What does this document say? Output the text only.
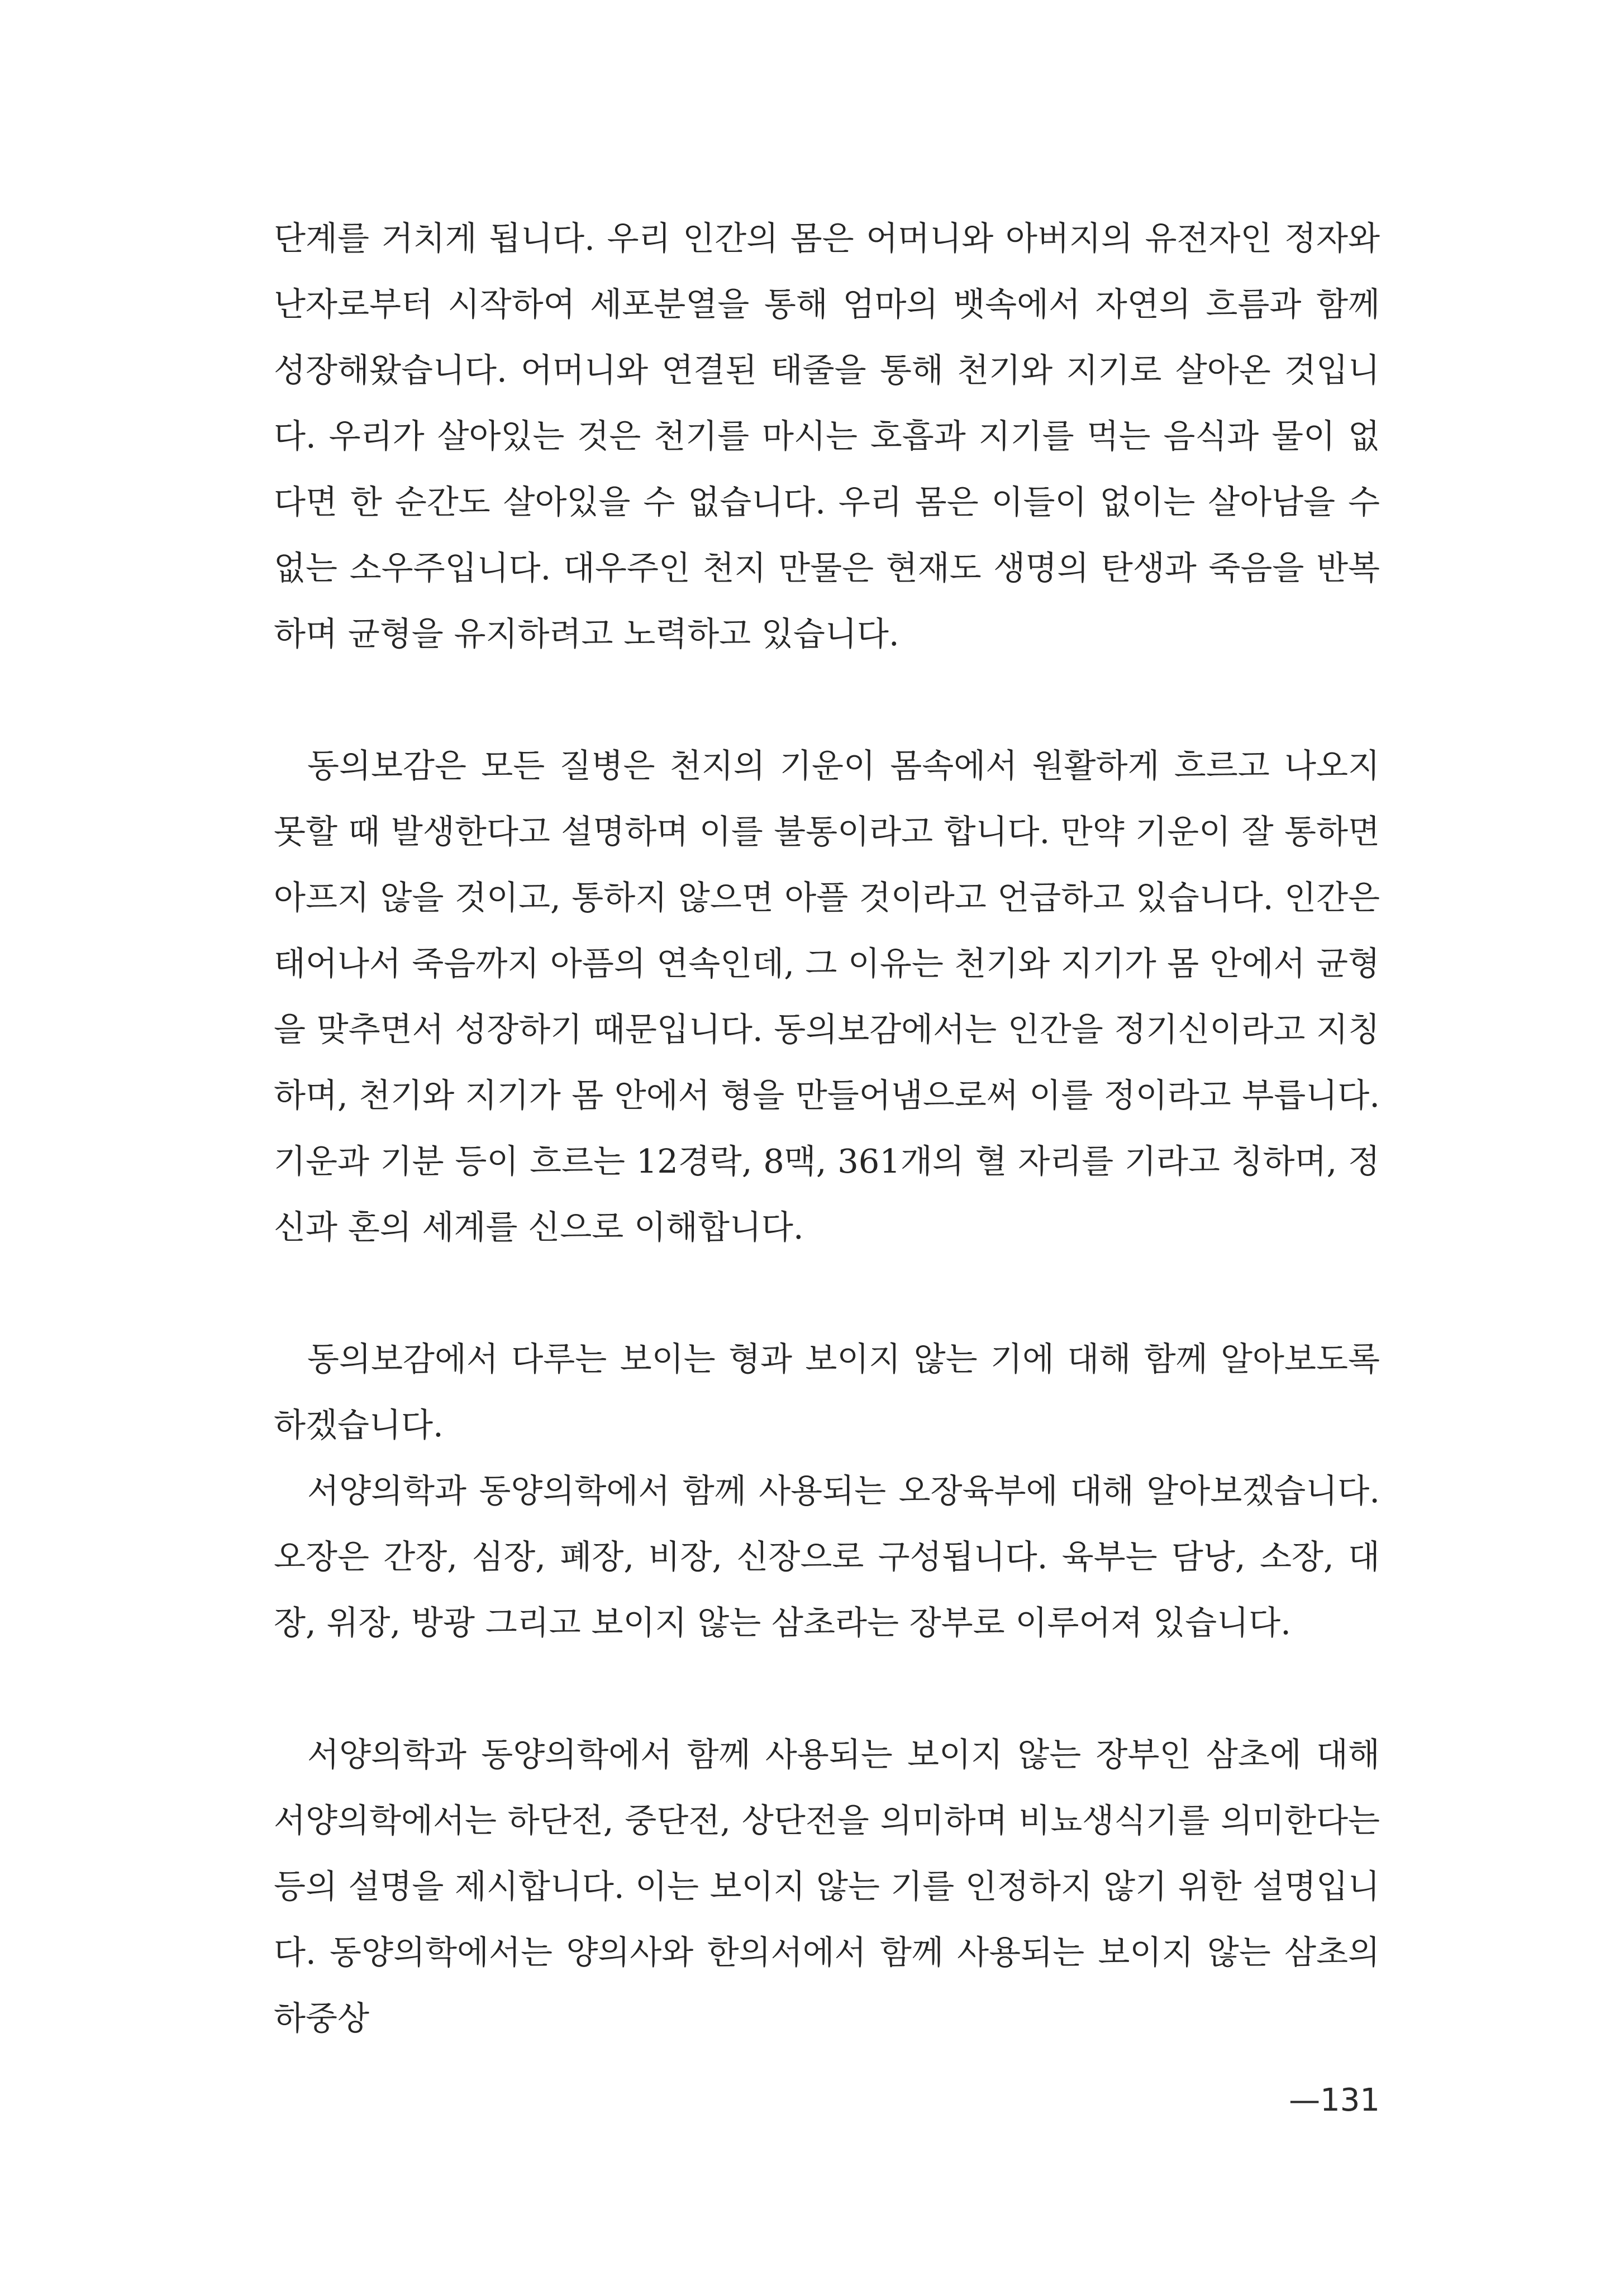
단계를 거치게 됩니다. 우리 인간의 몸은 어머니와 아버지의 유전자인 정자와 난자로부터 시작하여 세포분열을 통해 엄마의 뱃속에서 자연의 흐름과 함께 성장해왔습니다. 어머니와 연결된 태줄을 통해 천기와 지기로 살아온 것입니다. 우리가 살아있는 것은 천기를 마시는 호흡과 지기를 먹는 음식과 물이 없다면 한 순간도 살아있을 수 없습니다. 우리 몸은 이들이 없이는 살아남을 수 없는 소우주입니다. 대우주인 천지 만물은 현재도 생명의 탄생과 죽음을 반복하며 균형을 유지하려고 노력하고 있습니다.

동의보감은 모든 질병은 천지의 기운이 몸속에서 원활하게 흐르고 나오지 못할 때 발생한다고 설명하며 이를 불통이라고 합니다. 만약 기운이 잘 통하면 아프지 않을 것이고, 통하지 않으면 아플 것이라고 언급하고 있습니다. 인간은 태어나서 죽음까지 아픔의 연속인데, 그 이유는 천기와 지기가 몸 안에서 균형을 맞추면서 성장하기 때문입니다. 동의보감에서는 인간을 정기신이라고 지칭하며, 천기와 지기가 몸 안에서 형을 만들어냄으로써 이를 정이라고 부릅니다. 기운과 기분 등이 흐르는 12경락, 8맥, 361개의 혈 자리를 기라고 칭하며, 정신과 혼의 세계를 신으로 이해합니다.

동의보감에서 다루는 보이는 형과 보이지 않는 기에 대해 함께 알아보도록 하겠습니다.

서양의학과 동양의학에서 함께 사용되는 오장육부에 대해 알아보겠습니다. 오장은 간장, 심장, 폐장, 비장, 신장으로 구성됩니다. 육부는 담낭, 소장, 대장, 위장, 방광 그리고 보이지 않는 삼초라는 장부로 이루어져 있습니다.

서양의학과 동양의학에서 함께 사용되는 보이지 않는 장부인 삼초에 대해 서양의학에서는 하단전, 중단전, 상단전을 의미하며 비뇨생식기를 의미한다는 등의 설명을 제시합니다. 이는 보이지 않는 기를 인정하지 않기 위한 설명입니다. 동양의학에서는 양의사와 한의서에서 함께 사용되는 보이지 않는 삼초의 하중상

—131
